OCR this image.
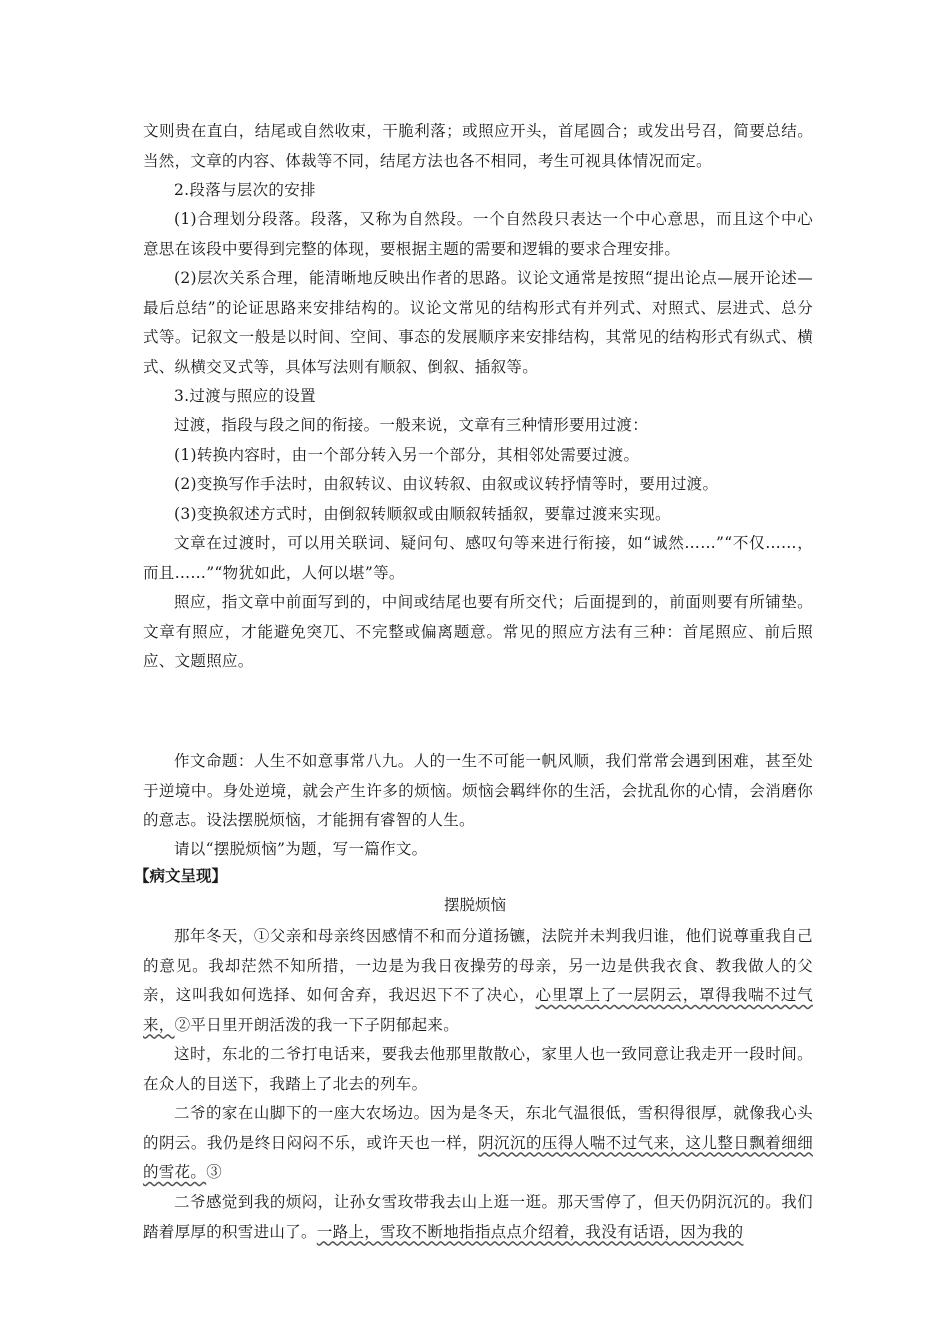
文则贵在直白，结尾或自然收束，干脆利落；或照应开头，首尾圆合；或发出号召，简要总结。当然，文章的内容、体裁等不同，结尾方法也各不相同，考生可视具体情况而定。

2.段落与层次的安排

(1)合理划分段落。段落，又称为自然段。一个自然段只表达一个中心意思，而且这个中心意思在该段中要得到完整的体现，要根据主题的需要和逻辑的要求合理安排。

(2)层次关系合理，能清晰地反映出作者的思路。议论文通常是按照“提出论点—展开论述—最后总结”的论证思路来安排结构的。议论文常见的结构形式有并列式、对照式、层进式、总分式等。记叙文一般是以时间、空间、事态的发展顺序来安排结构，其常见的结构形式有纵式、横式、纵横交叉式等，具体写法则有顺叙、倒叙、插叙等。

3.过渡与照应的设置

过渡，指段与段之间的衔接。一般来说，文章有三种情形要用过渡：

(1)转换内容时，由一个部分转入另一个部分，其相邻处需要过渡。

(2)变换写作手法时，由叙转议、由议转叙、由叙或议转抒情等时，要用过渡。

(3)变换叙述方式时，由倒叙转顺叙或由顺叙转插叙，要靠过渡来实现。

文章在过渡时，可以用关联词、疑问句、感叹句等来进行衔接，如“诚然……”“不仅……，而且……”“物犹如此，人何以堪”等。

照应，指文章中前面写到的，中间或结尾也要有所交代；后面提到的，前面则要有所铺垫。文章有照应，才能避免突兀、不完整或偏离题意。常见的照应方法有三种：首尾照应、前后照应、文题照应。

作文命题：人生不如意事常八九。人的一生不可能一帆风顺，我们常常会遇到困难，甚至处于逆境中。身处逆境，就会产生许多的烦恼。烦恼会羁绊你的生活，会扰乱你的心情，会消磨你的意志。设法摆脱烦恼，才能拥有睿智的人生。

请以“摆脱烦恼”为题，写一篇作文。

【病文呈现】
摆脱烦恼

那年冬天，①父亲和母亲终因感情不和而分道扬镳，法院并未判我归谁，他们说尊重我自己的意见。我却茫然不知所措，一边是为我日夜操劳的母亲，另一边是供我衣食、教我做人的父亲，这叫我如何选择、如何舍弃，我迟迟下不了决心，心里罩上了一层阴云，罩得我喘不过气来，②平日里开朗活泼的我一下子阴郁起来。

这时，东北的二爷打电话来，要我去他那里散散心，家里人也一致同意让我走开一段时间。在众人的目送下，我踏上了北去的列车。

二爷的家在山脚下的一座大农场边。因为是冬天，东北气温很低，雪积得很厚，就像我心头的阴云。我仍是终日闷闷不乐，或许天也一样，阴沉沉的压得人喘不过气来，这儿整日飘着细细的雪花。③

二爷感觉到我的烦闷，让孙女雪玫带我去山上逛一逛。那天雪停了，但天仍阴沉沉的。我们踏着厚厚的积雪进山了。一路上，雪玫不断地指指点点介绍着，我没有话语，因为我的
